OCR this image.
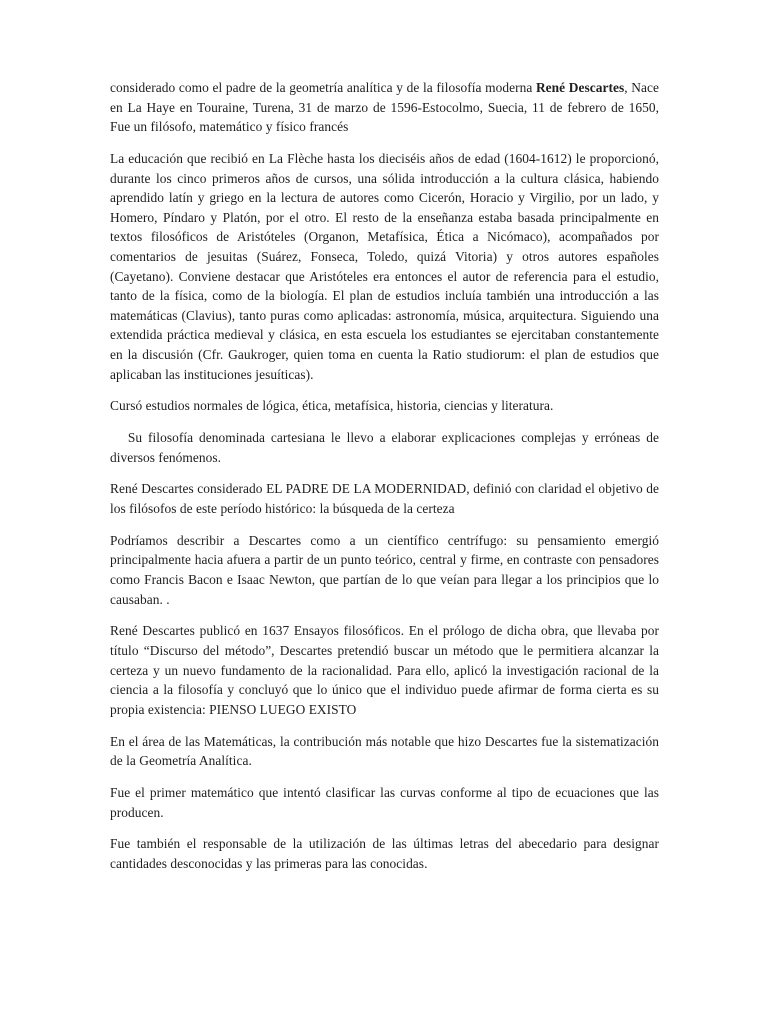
considerado como el padre de la geometría analítica y de la filosofía moderna René Descartes, Nace en La Haye en Touraine, Turena, 31 de marzo de 1596-Estocolmo, Suecia, 11 de febrero de 1650, Fue un filósofo, matemático y físico francés

La educación que recibió en La Flèche hasta los dieciséis años de edad (1604-1612) le proporcionó, durante los cinco primeros años de cursos, una sólida introducción a la cultura clásica, habiendo aprendido latín y griego en la lectura de autores como Cicerón, Horacio y Virgilio, por un lado, y Homero, Píndaro y Platón, por el otro. El resto de la enseñanza estaba basada principalmente en textos filosóficos de Aristóteles (Organon, Metafísica, Ética a Nicómaco), acompañados por comentarios de jesuitas (Suárez, Fonseca, Toledo, quizá Vitoria) y otros autores españoles (Cayetano). Conviene destacar que Aristóteles era entonces el autor de referencia para el estudio, tanto de la física, como de la biología. El plan de estudios incluía también una introducción a las matemáticas (Clavius), tanto puras como aplicadas: astronomía, música, arquitectura. Siguiendo una extendida práctica medieval y clásica, en esta escuela los estudiantes se ejercitaban constantemente en la discusión (Cfr. Gaukroger, quien toma en cuenta la Ratio studiorum: el plan de estudios que aplicaban las instituciones jesuíticas).

Cursó estudios normales de lógica, ética, metafísica, historia, ciencias y literatura.

Su filosofía denominada cartesiana le llevo a elaborar explicaciones complejas y erróneas de diversos fenómenos.

René Descartes considerado EL PADRE DE LA MODERNIDAD, definió con claridad el objetivo de los filósofos de este período histórico: la búsqueda de la certeza

Podríamos describir a Descartes como a un científico centrífugo: su pensamiento emergió principalmente hacia afuera a partir de un punto teórico, central y firme, en contraste con pensadores como Francis Bacon e Isaac Newton, que partían de lo que veían para llegar a los principios que lo causaban. .

René Descartes publicó en 1637 Ensayos filosóficos. En el prólogo de dicha obra, que llevaba por título “Discurso del método”, Descartes pretendió buscar un método que le permitiera alcanzar la certeza y un nuevo fundamento de la racionalidad. Para ello, aplicó la investigación racional de la ciencia a la filosofía y concluyó que lo único que el individuo puede afirmar de forma cierta es su propia existencia: PIENSO LUEGO EXISTO

En el área de las Matemáticas, la contribución más notable que hizo Descartes fue la sistematización de la Geometría Analítica.

Fue el primer matemático que intentó clasificar las curvas conforme al tipo de ecuaciones que las producen.

Fue también el responsable de la utilización de las últimas letras del abecedario para designar cantidades desconocidas y las primeras para las conocidas.
